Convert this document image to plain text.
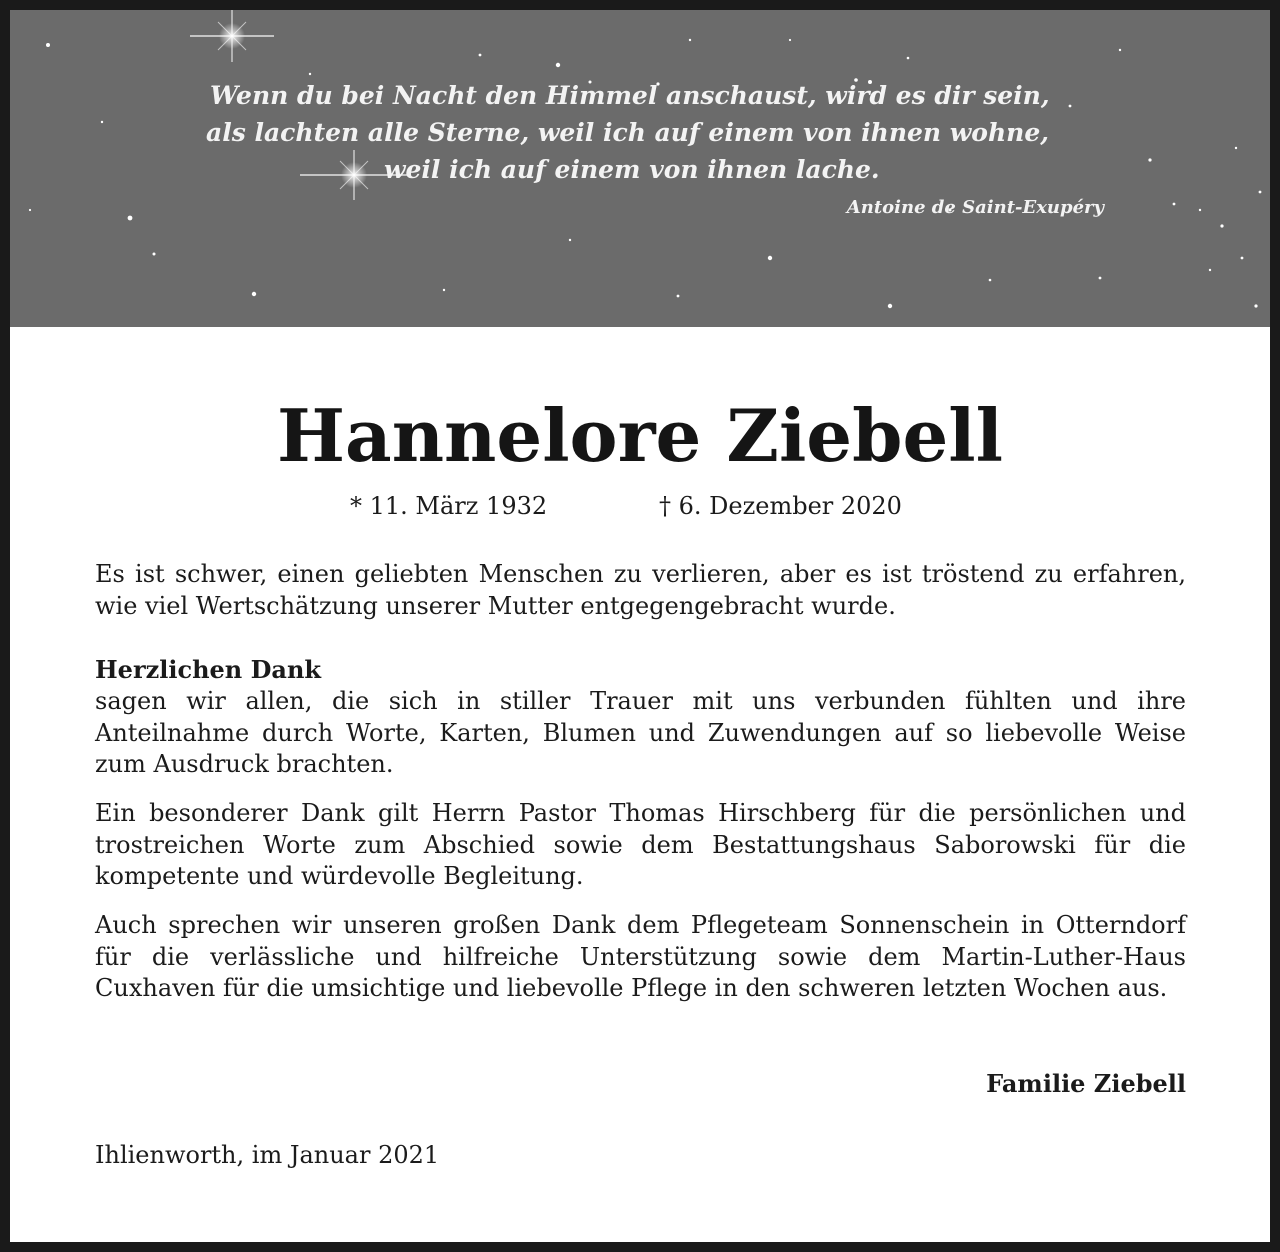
Wenn du bei Nacht den Himmel anschaust, wird es dir sein,

als lachten alle Sterne, weil ich auf einem von ihnen wohne,

weil ich auf einem von ihnen lache.

Antoine de Saint-Exupéry

Hannelore Ziebell

* 11. März 1932	† 6. Dezember 2020

Es ist schwer, einen geliebten Menschen zu verlieren, aber es ist tröstend zu erfahren, wie viel Wertschätzung unserer Mutter entgegengebracht wurde.

Herzlichen Dank

sagen wir allen, die sich in stiller Trauer mit uns verbunden fühlten und ihre Anteilnahme durch Worte, Karten, Blumen und Zuwendungen auf so liebevolle Weise zum Ausdruck brachten.

Ein besonderer Dank gilt Herrn Pastor Thomas Hirschberg für die persönlichen und trostreichen Worte zum Abschied sowie dem Bestattungshaus Saborowski für die kompetente und würdevolle Begleitung.

Auch sprechen wir unseren großen Dank dem Pflegeteam Sonnenschein in Otterndorf für die verlässliche und hilfreiche Unterstützung sowie dem Martin-Luther-Haus Cuxhaven für die umsichtige und liebevolle Pflege in den schweren letzten Wochen aus.

Familie Ziebell

Ihlienworth, im Januar 2021
